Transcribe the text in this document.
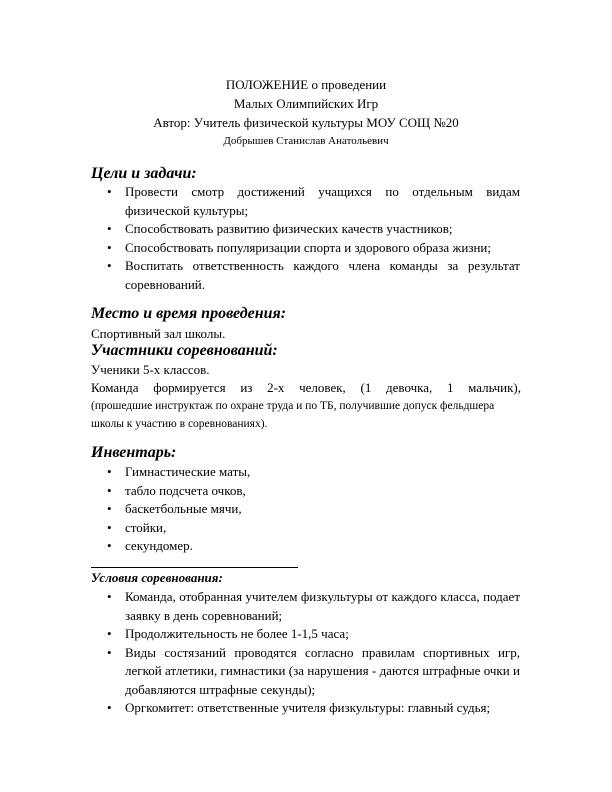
ПОЛОЖЕНИЕ о проведении
Малых Олимпийских Игр
Автор: Учитель физической культуры МОУ СОЩ №20
Добрышев Станислав Анатольевич
Цели и задачи:
• Провести смотр достижений учащихся по отдельным видам физической культуры;
• Способствовать развитию физических качеств участников;
• Способствовать популяризации спорта и здорового образа жизни;
• Воспитать ответственность каждого члена команды за результат соревнований.
Место и время проведения:
Спортивный зал школы.
Участники соревнований:
Ученики 5-х классов.
Команда формируется из 2-х человек, (1 девочка, 1 мальчик),
(прошедшие инструктаж по охране труда и по ТБ, получившие допуск фельдшера
школы к участию в соревнованиях).
Инвентарь:
• Гимнастические маты,
• табло подсчета очков,
• баскетбольные мячи,
• стойки,
• секундомер.
Условия соревнования:
• Команда, отобранная учителем физкультуры от каждого класса, подает заявку в день соревнований;
• Продолжительность не более 1-1,5 часа;
• Виды состязаний проводятся согласно правилам спортивных игр, легкой атлетики, гимнастики (за нарушения - даются штрафные очки и добавляются штрафные секунды);
• Оргкомитет: ответственные учителя физкультуры: главный судья;
